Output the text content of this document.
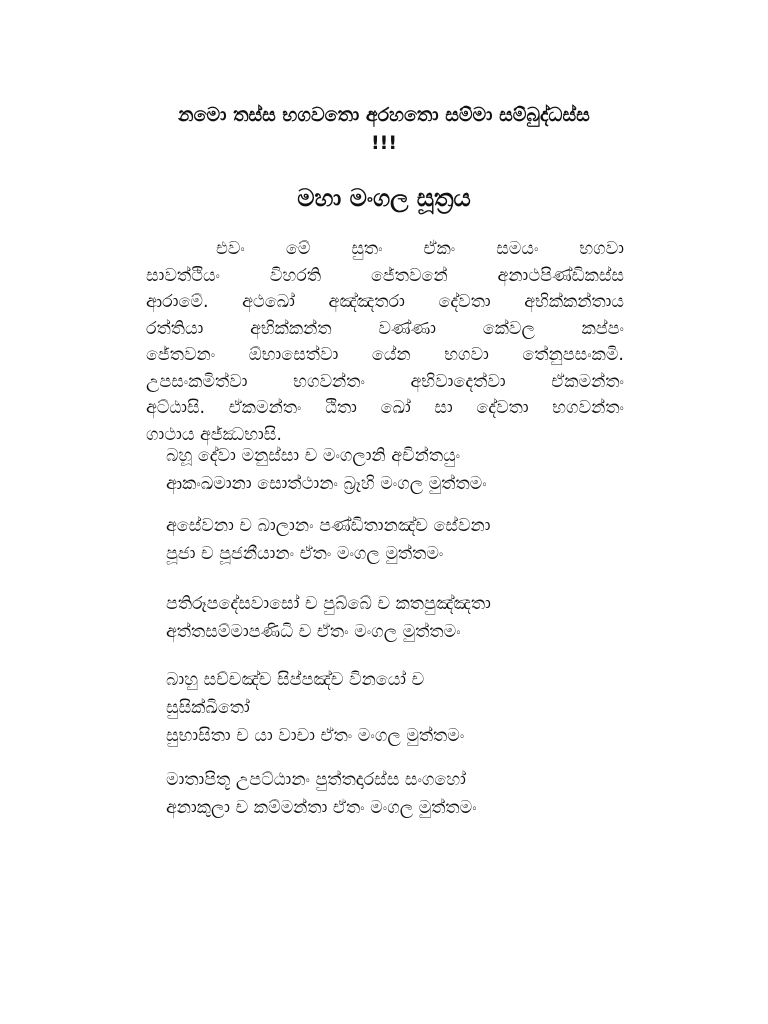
නමො තස්ස භගවතො අරහතො සම්මා සම්බුද්ධස්ස
!!!
මහා මංගල සූත්‍රය
එවං මේ සුතං ඒකං සමයං භගවා
සාවත්ථියං විහරති ජේතවනේ අනාථපිණ්ඩිකස්ස
ආරාමේ. අථඛෝ අඤ්ඤතරා දේවතා අභික්කන්තාය
රත්තියා අභික්කන්ත වණ්ණා කේවල කප්පං
ජේතවනං ඕභාසෙත්වා යේන භගවා තේනුපසංකමි.
උපසංකමිත්වා භගවන්තං අභිවාදෙත්වා ඒකමන්තං
අට්ඨාසි. ඒකමන්තං ඨිතා ඛෝ සා දේවතා භගවන්තං
ගාථාය අජ්ඣභාසි.
බහූ දේවා මනුස්සා ච මංගලානි අචින්තයුං
ආකංඛමානා සොත්ථානං බ්‍රෑහි මංගල මුත්තමං
අසේවනා ච බාලානං පණ්ඩිතානඤ්ච සේවනා
පූජා ච පූජනීයානං ඒතං මංගල මුත්තමං
පතිරූපදේසවාසෝ ච පුබ්බේ ච කතපුඤ්ඤතා
අත්තසම්මාපණිධි ච ඒතං මංගල මුත්තමං
බාහු සච්චඤ්ච සිප්පඤ්ච විනයෝ ච
සුසික්ඛිතෝ
සුභාසිතා ච යා වාචා ඒතං මංගල මුත්තමං
මාතාපිතූ උපට්ඨානං පුත්තදාරස්ස සංගහෝ
අනාකුලා ච කම්මන්තා ඒතං මංගල මුත්තමං
